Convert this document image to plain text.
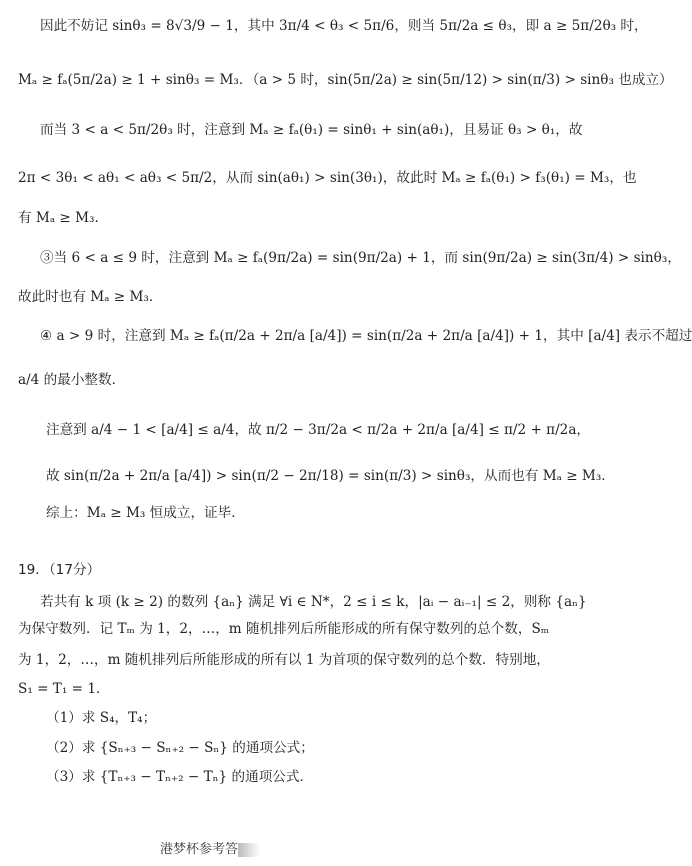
因此不妨记 sinθ₃ = 8√3/9 − 1，其中 3π/4 < θ₃ < 5π/6，则当 5π/2a ≤ θ₃，即 a ≥ 5π/2θ₃ 时，
Mₐ ≥ fₐ(5π/2a) ≥ 1 + sinθ₃ = M₃．（a > 5 时，sin(5π/2a) ≥ sin(5π/12) > sin(π/3) > sinθ₃ 也成立）
而当 3 < a < 5π/2θ₃ 时，注意到 Mₐ ≥ fₐ(θ₁) = sinθ₁ + sin(aθ₁)，且易证 θ₃ > θ₁，故
2π < 3θ₁ < aθ₁ < aθ₃ < 5π/2，从而 sin(aθ₁) > sin(3θ₁)，故此时 Mₐ ≥ fₐ(θ₁) > f₃(θ₁) = M₃，也
有 Mₐ ≥ M₃．
③当 6 < a ≤ 9 时，注意到 Mₐ ≥ fₐ(9π/2a) = sin(9π/2a) + 1，而 sin(9π/2a) ≥ sin(3π/4) > sinθ₃，
故此时也有 Mₐ ≥ M₃．
④ a > 9 时，注意到 Mₐ ≥ fₐ(π/2a + 2π/a [a/4]) = sin(π/2a + 2π/a [a/4]) + 1，其中 [a/4] 表示不超过
a/4 的最小整数．
注意到 a/4 − 1 < [a/4] ≤ a/4，故 π/2 − 3π/2a < π/2a + 2π/a [a/4] ≤ π/2 + π/2a，
故 sin(π/2a + 2π/a [a/4]) > sin(π/2 − 2π/18) = sin(π/3) > sinθ₃，从而也有 Mₐ ≥ M₃．
综上：Mₐ ≥ M₃ 恒成立，证毕．
19．（17分）
若共有 k 项 (k ≥ 2) 的数列 {aₙ} 满足 ∀i ∈ N*，2 ≤ i ≤ k，|aᵢ − aᵢ₋₁| ≤ 2，则称 {aₙ}
为保守数列．记 Tₘ 为 1，2，…，m 随机排列后所能形成的所有保守数列的总个数，Sₘ
为 1，2，…，m 随机排列后所能形成的所有以 1 为首项的保守数列的总个数．特别地，
S₁ = T₁ = 1．
（1）求 S₄，T₄；
（2）求 {Sₙ₊₃ − Sₙ₊₂ − Sₙ} 的通项公式；
（3）求 {Tₙ₊₃ − Tₙ₊₂ − Tₙ} 的通项公式．
港梦杯参考答
